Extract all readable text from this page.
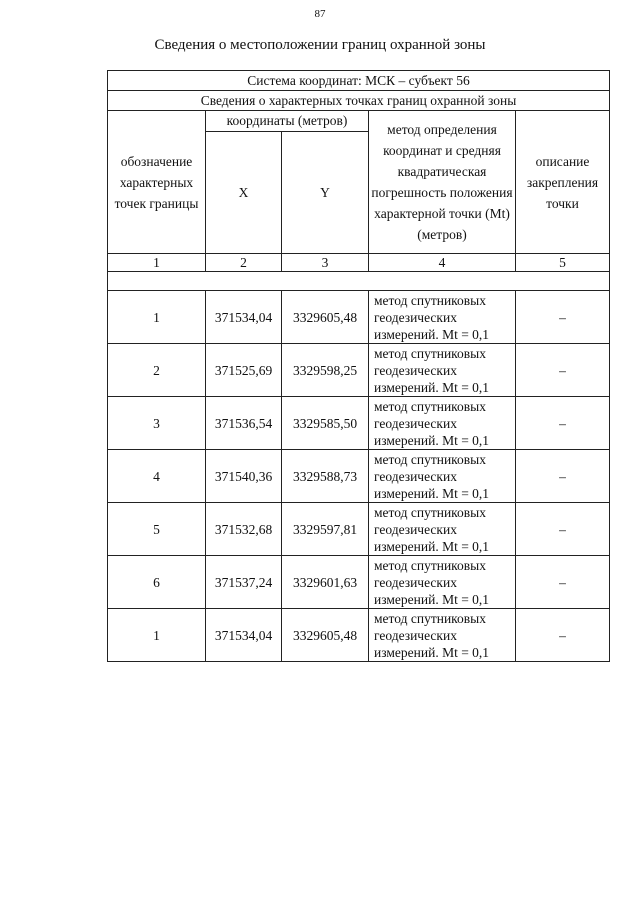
87
Сведения о местоположении границ охранной зоны
Система координат: МСК – субъект 56				
Сведения о характерных точках границ охранной зоны				
обозначение характерных точек границы	координаты (метров)		метод определения координат и средняя квадратическая погрешность положения характерной точки (Mt) (метров)	описание закрепления точки
	X	Y		
1	2	3	4	5

1	371534,04	3329605,48	метод спутниковых
геодезических
измерений. Mt = 0,1	–
2	371525,69	3329598,25	метод спутниковых
геодезических
измерений. Mt = 0,1	–
3	371536,54	3329585,50	метод спутниковых
геодезических
измерений. Mt = 0,1	–
4	371540,36	3329588,73	метод спутниковых
геодезических
измерений. Mt = 0,1	–
5	371532,68	3329597,81	метод спутниковых
геодезических
измерений. Mt = 0,1	–
6	371537,24	3329601,63	метод спутниковых
геодезических
измерений. Mt = 0,1	–
1	371534,04	3329605,48	метод спутниковых
геодезических
измерений. Mt = 0,1	–
